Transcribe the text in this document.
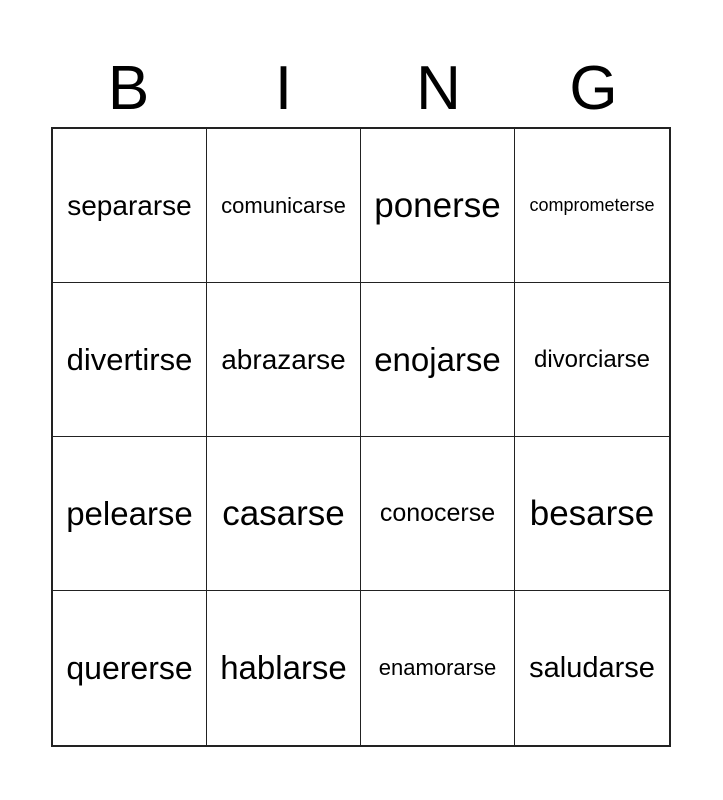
B	I	N	G
separarse comunicarse ponerse comprometerse
divertirse abrazarse enojarse divorciarse
pelearse casarse conocerse besarse
quererse hablarse enamorarse saludarse
